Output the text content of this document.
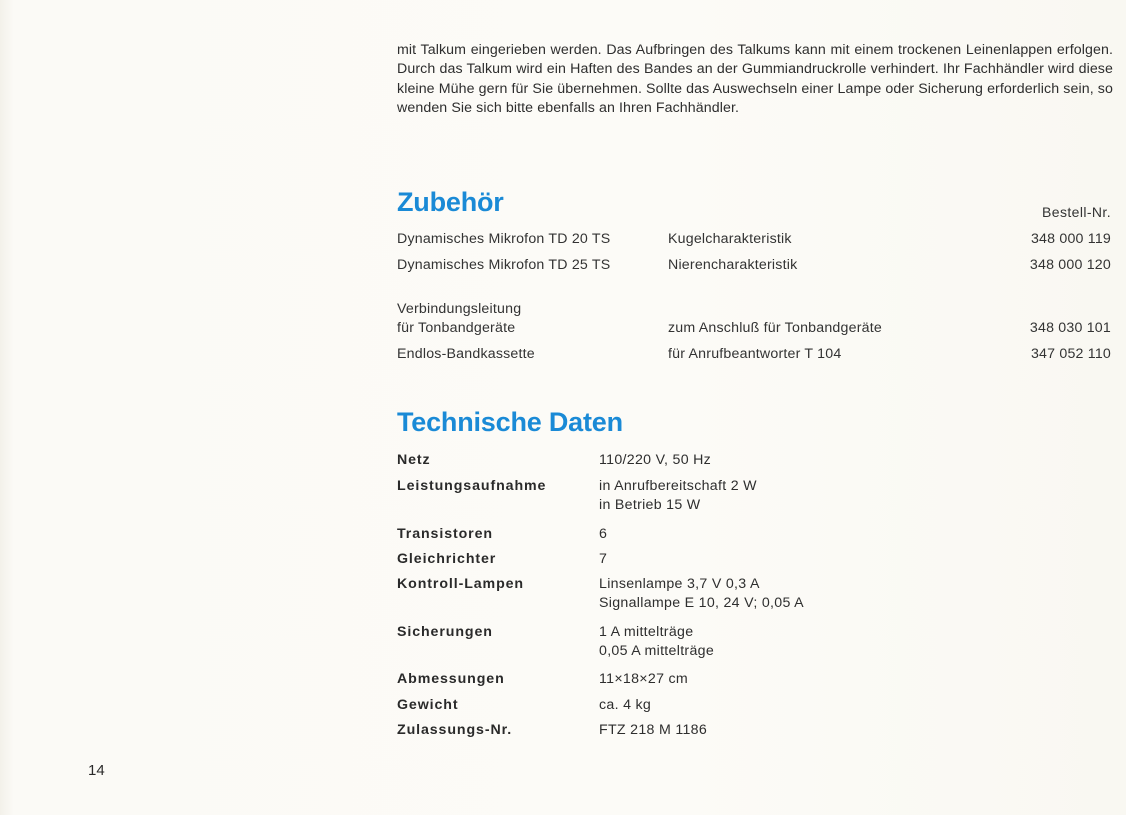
mit Talkum eingerieben werden. Das Aufbringen des Talkums kann mit einem trockenen Leinenlappen erfolgen. Durch das Talkum wird ein Haften des Bandes an der Gummiandruckrolle verhindert. Ihr Fachhändler wird diese kleine Mühe gern für Sie übernehmen. Sollte das Auswechseln einer Lampe oder Sicherung erforderlich sein, so wenden Sie sich bitte ebenfalls an Ihren Fachhändler.

Zubehör	Bestell-Nr.
Dynamisches Mikrofon TD 20 TS	Kugelcharakteristik	348 000 119
Dynamisches Mikrofon TD 25 TS	Nierencharakteristik	348 000 120
Verbindungsleitung
für Tonbandgeräte	zum Anschluß für Tonbandgeräte	348 030 101
Endlos-Bandkassette	für Anrufbeantworter T 104	347 052 110
Technische Daten
Netz	110/220 V, 50 Hz
Leistungsaufnahme	in Anrufbereitschaft 2 W
in Betrieb 15 W
Transistoren	6
Gleichrichter	7
Kontroll-Lampen	Linsenlampe 3,7 V 0,3 A
Signallampe E 10, 24 V; 0,05 A
Sicherungen	1 A mittelträge
0,05 A mittelträge
Abmessungen	11×18×27 cm
Gewicht	ca. 4 kg
Zulassungs-Nr.	FTZ 218 M 1186
14
